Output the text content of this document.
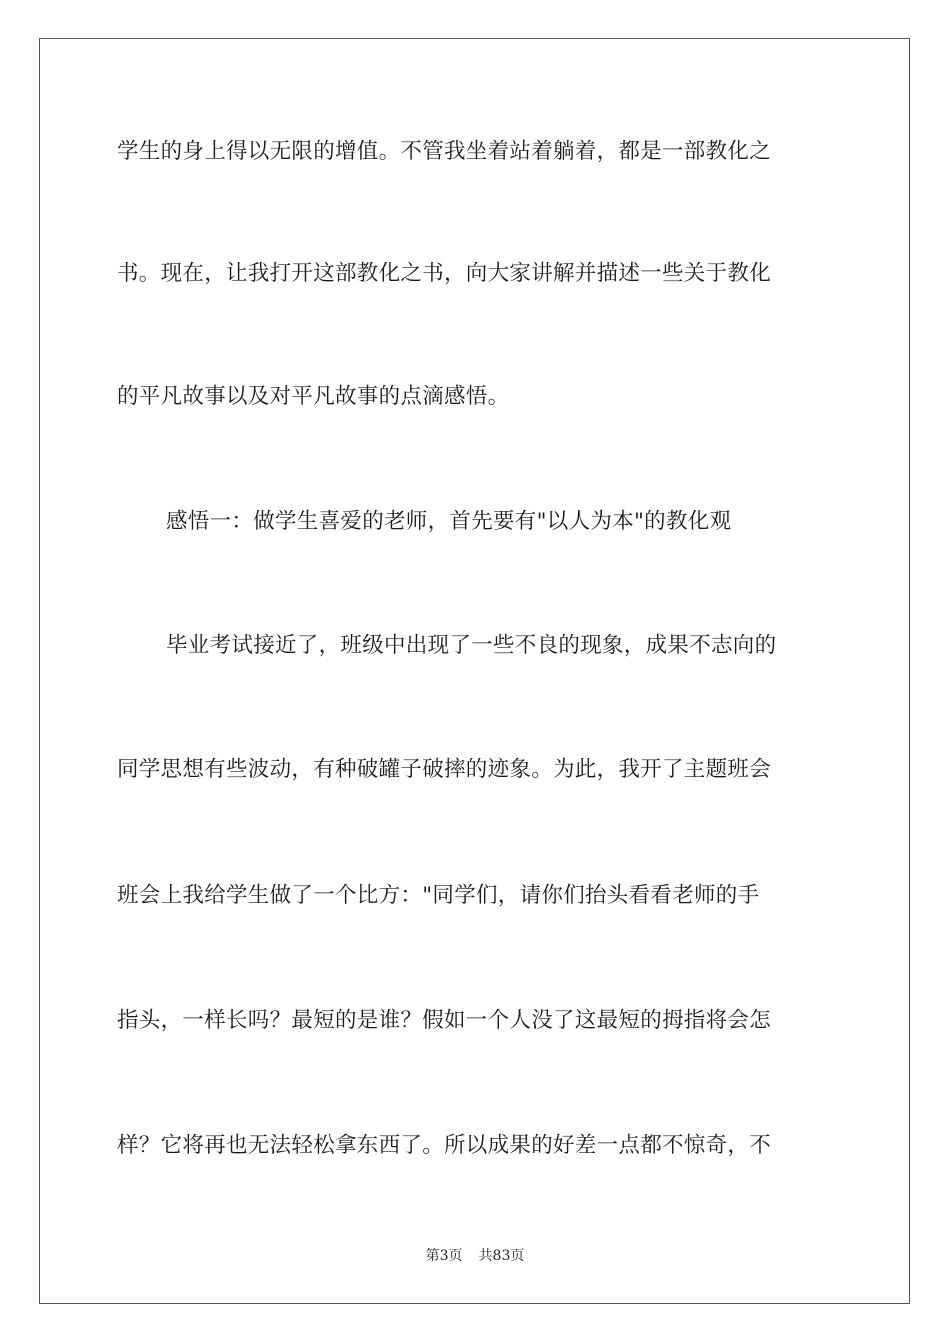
学生的身上得以无限的增值。不管我坐着站着躺着，都是一部教化之
书。现在，让我打开这部教化之书，向大家讲解并描述一些关于教化
的平凡故事以及对平凡故事的点滴感悟。
感悟一：做学生喜爱的老师，首先要有"以人为本"的教化观
毕业考试接近了，班级中出现了一些不良的现象，成果不志向的
同学思想有些波动，有种破罐子破摔的迹象。为此，我开了主题班会
班会上我给学生做了一个比方："同学们，请你们抬头看看老师的手
指头，一样长吗？最短的是谁？假如一个人没了这最短的拇指将会怎
样？它将再也无法轻松拿东西了。所以成果的好差一点都不惊奇，不
第3页 共83页
